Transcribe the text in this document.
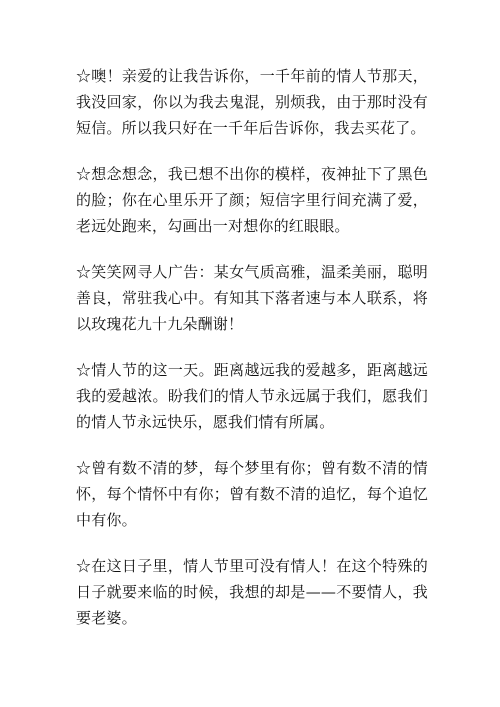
☆噢！亲爱的让我告诉你，一千年前的情人节那天，我没回家，你以为我去鬼混，别烦我，由于那时没有短信。所以我只好在一千年后告诉你，我去买花了。

☆想念想念，我已想不出你的模样，夜神扯下了黑色的脸；你在心里乐开了颜；短信字里行间充满了爱，老远处跑来，勾画出一对想你的红眼眼。

☆笑笑网寻人广告：某女气质高雅，温柔美丽，聪明善良，常驻我心中。有知其下落者速与本人联系，将以玫瑰花九十九朵酬谢！

☆情人节的这一天。距离越远我的爱越多，距离越远我的爱越浓。盼我们的情人节永远属于我们，愿我们的情人节永远快乐，愿我们情有所属。

☆曾有数不清的梦，每个梦里有你；曾有数不清的情怀，每个情怀中有你；曾有数不清的追忆，每个追忆中有你。

☆在这日子里，情人节里可没有情人！在这个特殊的日子就要来临的时候，我想的却是——不要情人，我要老婆。
